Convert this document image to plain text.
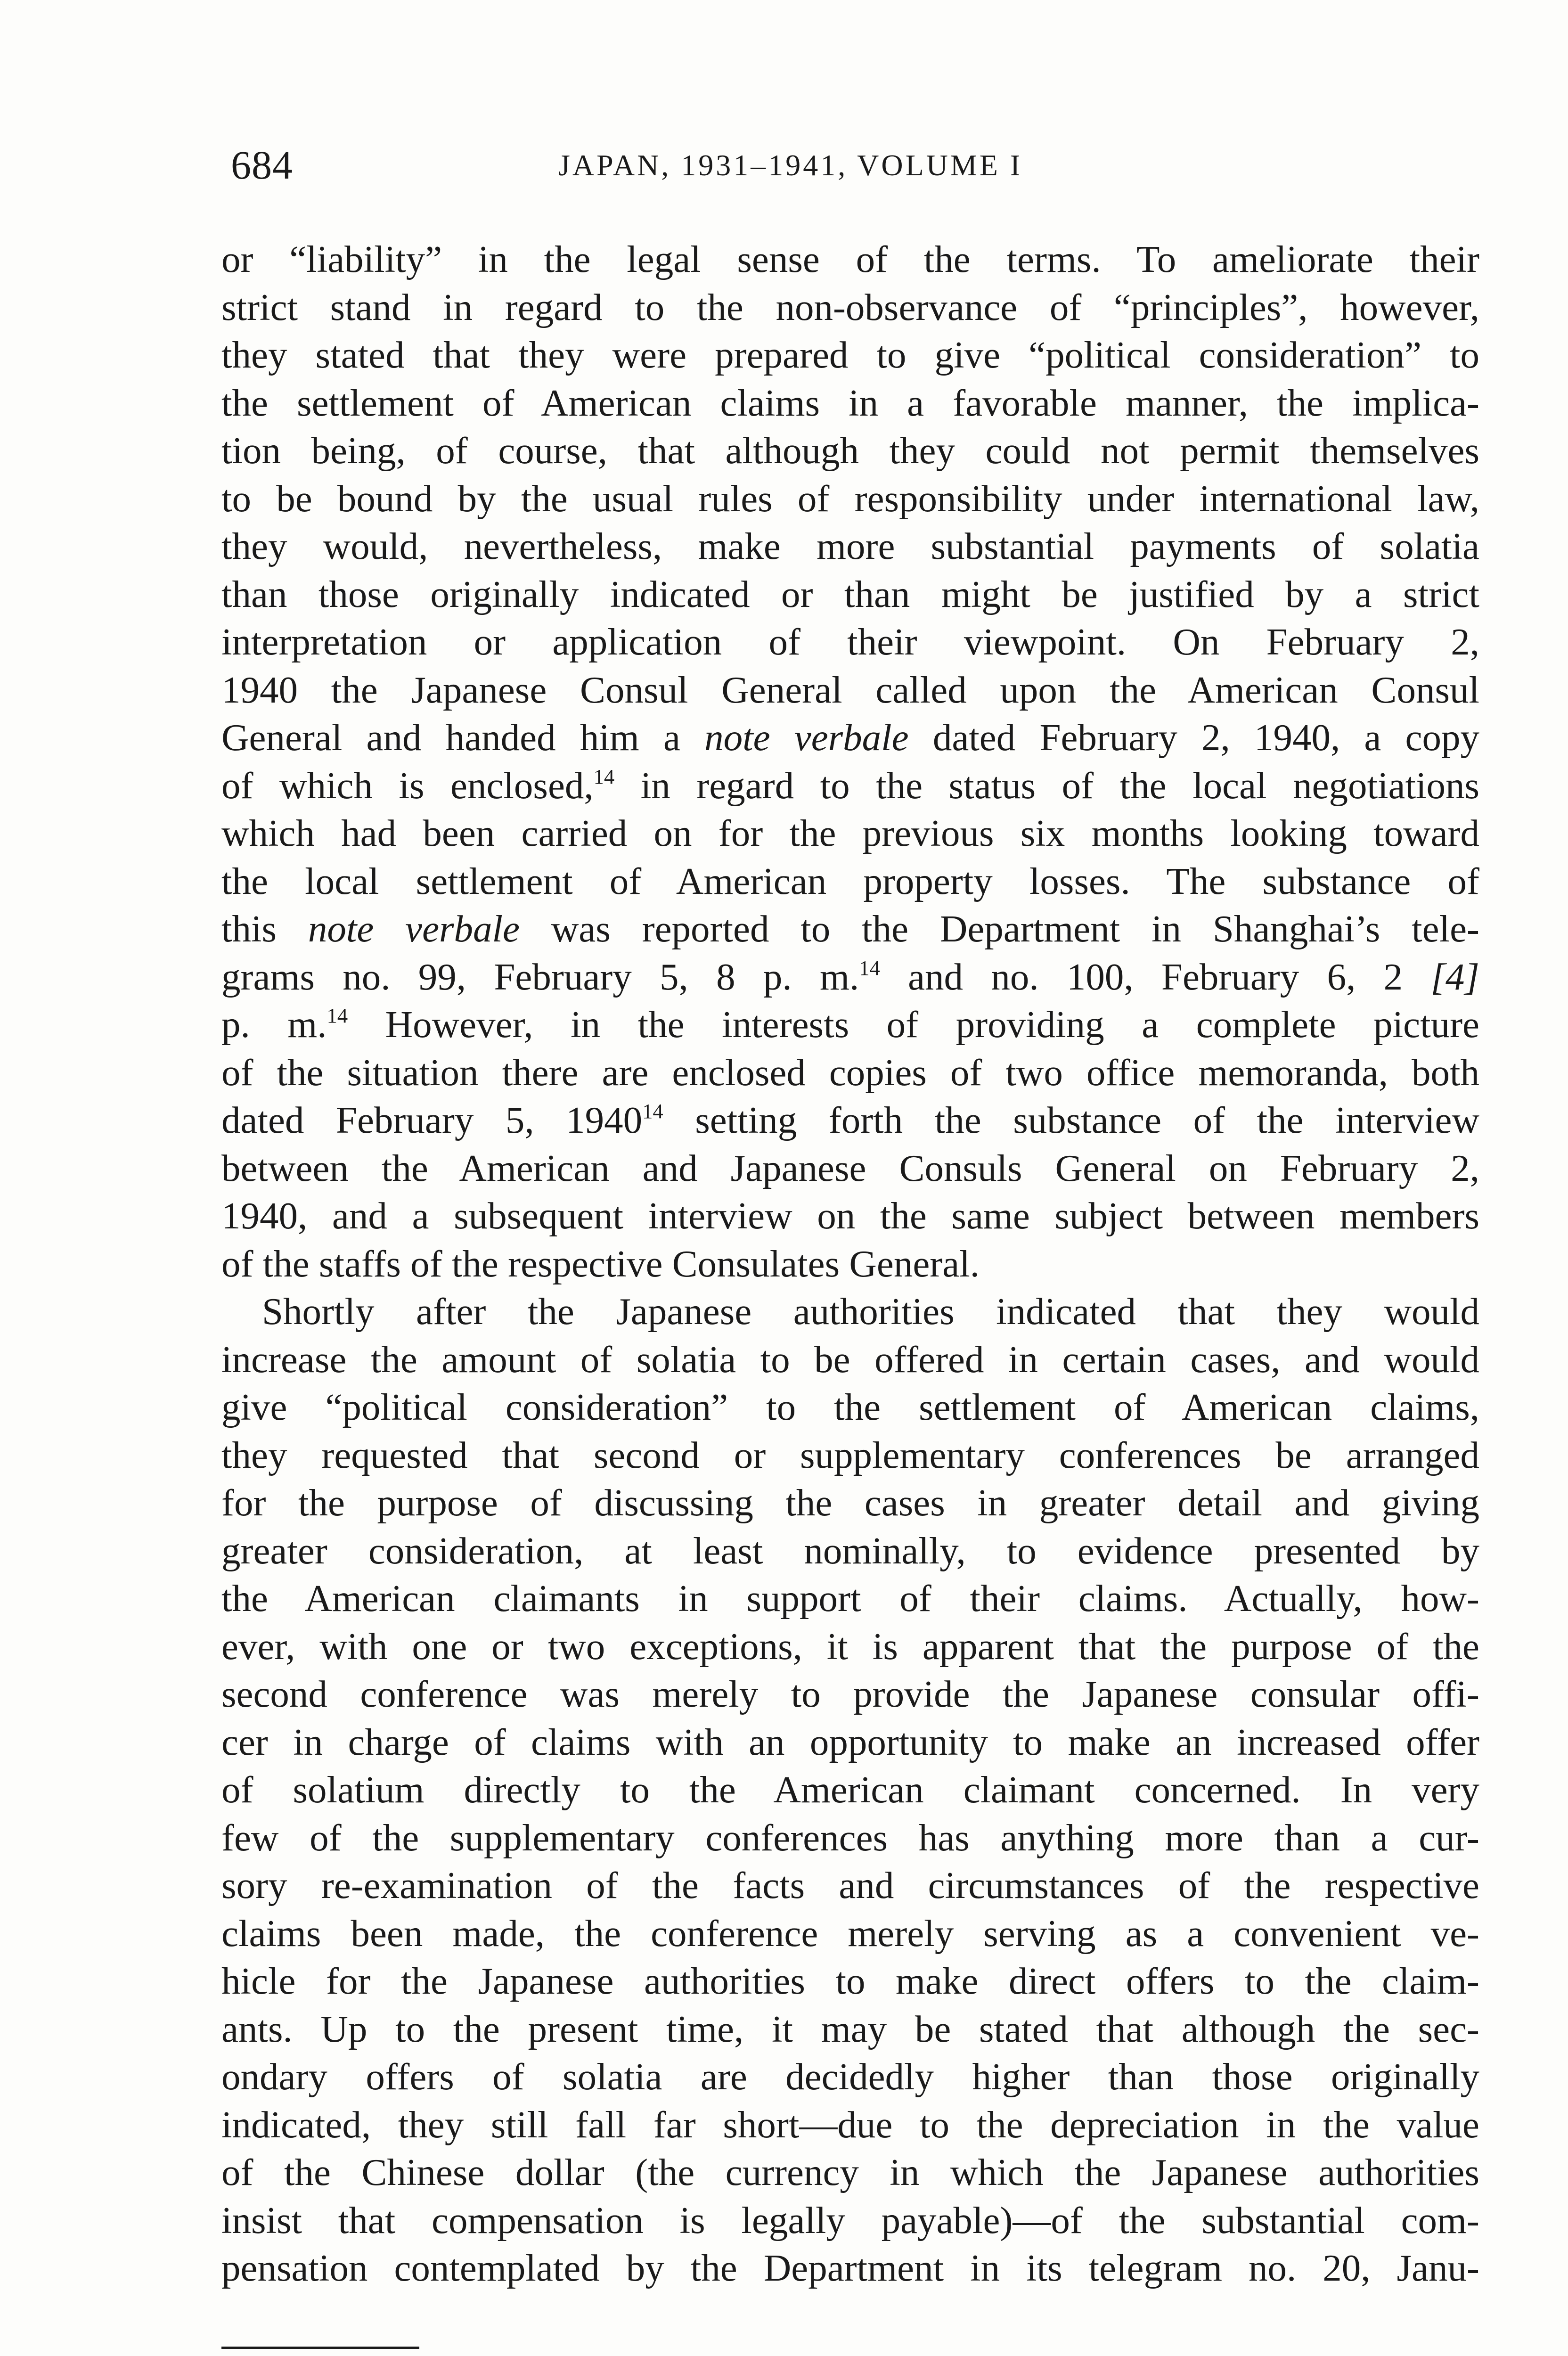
684	JAPAN, 1931–1941, VOLUME I
or “liability” in the legal sense of the terms. To ameliorate their
strict stand in regard to the non-observance of “principles”, however,
they stated that they were prepared to give “political consideration” to
the settlement of American claims in a favorable manner, the implica-
tion being, of course, that although they could not permit themselves
to be bound by the usual rules of responsibility under international law,
they would, nevertheless, make more substantial payments of solatia
than those originally indicated or than might be justified by a strict
interpretation or application of their viewpoint. On February 2,
1940 the Japanese Consul General called upon the American Consul
General and handed him a note verbale dated February 2, 1940, a copy
of which is enclosed,$^{14}$ in regard to the status of the local negotiations
which had been carried on for the previous six months looking toward
the local settlement of American property losses. The substance of
this note verbale was reported to the Department in Shanghai’s tele-
grams no. 99, February 5, 8 p. m.$^{14}$ and no. 100, February 6, 2 [4]
p. m.$^{14}$ However, in the interests of providing a complete picture
of the situation there are enclosed copies of two office memoranda, both
dated February 5, 1940$^{14}$ setting forth the substance of the interview
between the American and Japanese Consuls General on February 2,
1940, and a subsequent interview on the same subject between members
of the staffs of the respective Consulates General.
Shortly after the Japanese authorities indicated that they would
increase the amount of solatia to be offered in certain cases, and would
give “political consideration” to the settlement of American claims,
they requested that second or supplementary conferences be arranged
for the purpose of discussing the cases in greater detail and giving
greater consideration, at least nominally, to evidence presented by
the American claimants in support of their claims. Actually, how-
ever, with one or two exceptions, it is apparent that the purpose of the
second conference was merely to provide the Japanese consular offi-
cer in charge of claims with an opportunity to make an increased offer
of solatium directly to the American claimant concerned. In very
few of the supplementary conferences has anything more than a cur-
sory re-examination of the facts and circumstances of the respective
claims been made, the conference merely serving as a convenient ve-
hicle for the Japanese authorities to make direct offers to the claim-
ants. Up to the present time, it may be stated that although the sec-
ondary offers of solatia are decidedly higher than those originally
indicated, they still fall far short—due to the depreciation in the value
of the Chinese dollar (the currency in which the Japanese authorities
insist that compensation is legally payable)—of the substantial com-
pensation contemplated by the Department in its telegram no. 20, Janu-
